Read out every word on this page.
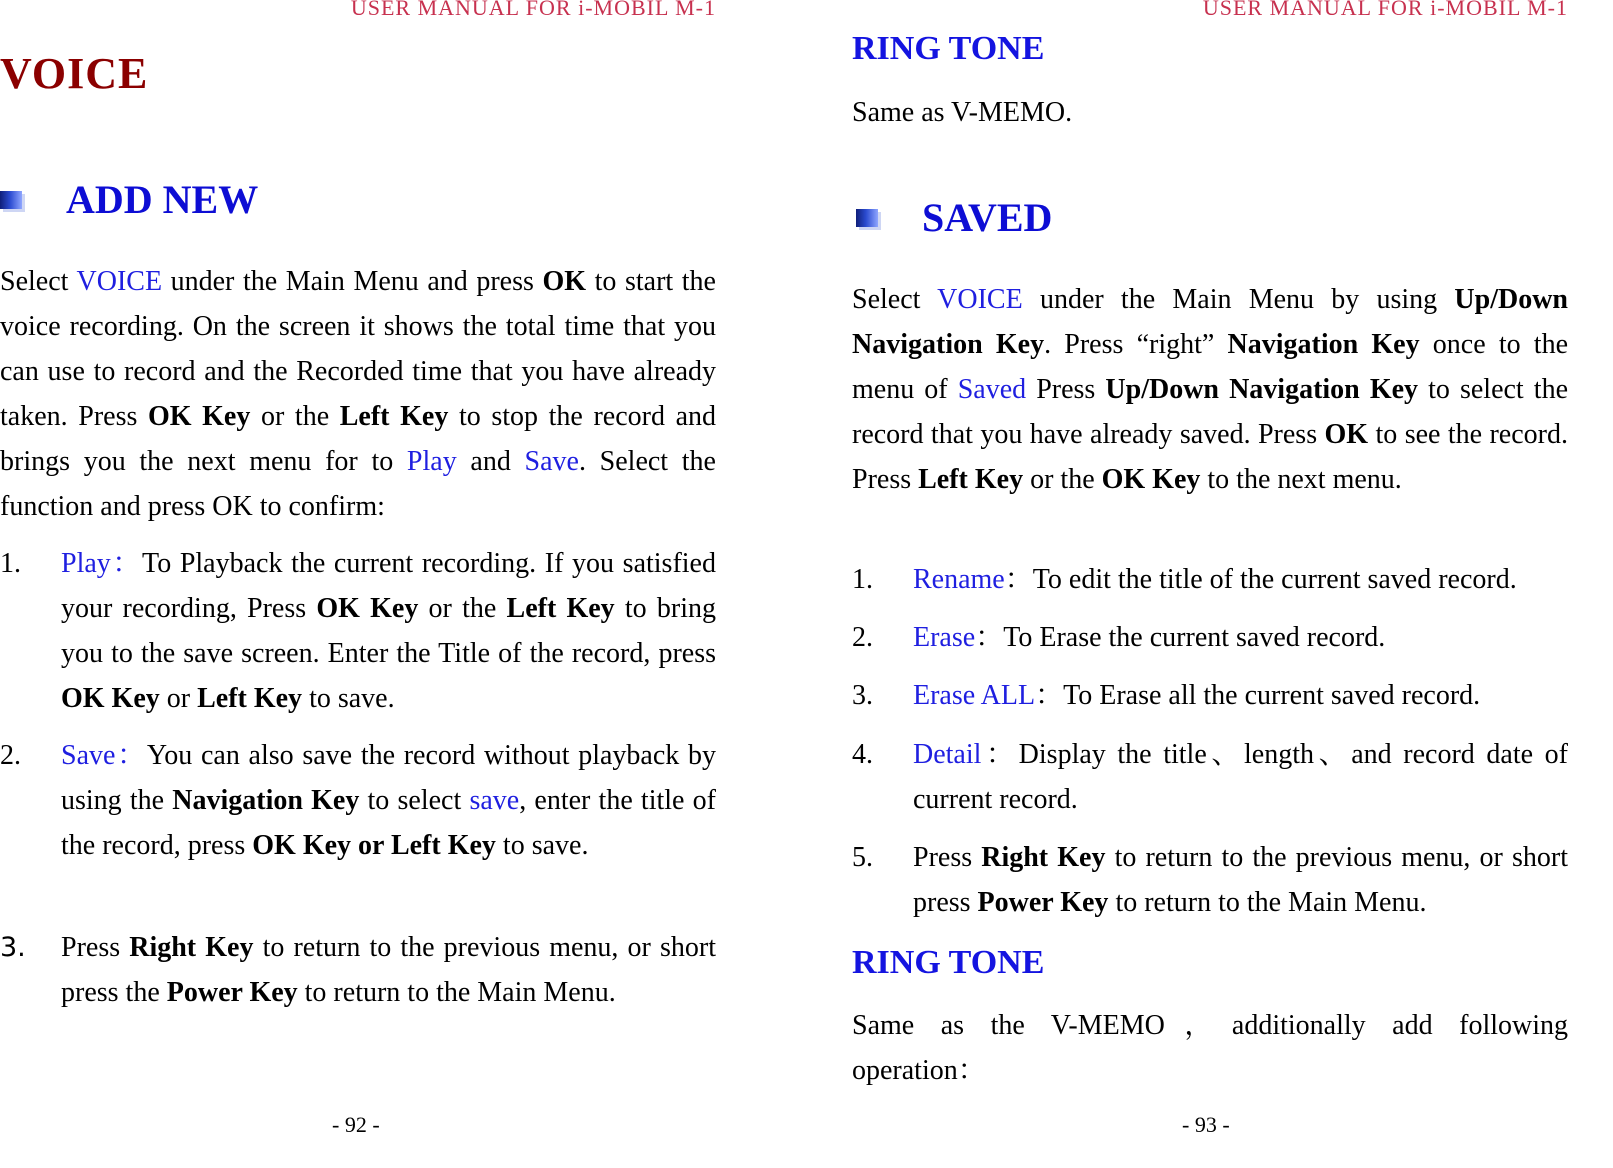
USER MANUAL FOR i-MOBIL M-1
VOICE
ADD NEW
Select VOICE under the Main Menu and press OK to start the voice recording. On the screen it shows the total time that you can use to record and the Recorded time that you have already taken. Press OK Key or the Left Key to stop the record and brings you the next menu for to Play and Save. Select the function and press OK to confirm:
1. Play：To Playback the current recording. If you satisfied your recording, Press OK Key or the Left Key to bring you to the save screen. Enter the Title of the record, press OK Key or Left Key to save.
2. Save：You can also save the record without playback by using the Navigation Key to select save, enter the title of the record, press OK Key or Left Key to save.
3. Press Right Key to return to the previous menu, or short press the Power Key to return to the Main Menu.
- 92 -
USER MANUAL FOR i-MOBIL M-1
RING TONE
Same as V-MEMO.
SAVED
Select VOICE under the Main Menu by using Up/Down Navigation Key. Press “right” Navigation Key once to the menu of Saved Press Up/Down Navigation Key to select the record that you have already saved. Press OK to see the record. Press Left Key or the OK Key to the next menu.
1. Rename：To edit the title of the current saved record.
2. Erase：To Erase the current saved record.
3. Erase ALL：To Erase all the current saved record.
4. Detail：Display the title、length、and record date of current record.
5. Press Right Key to return to the previous menu, or short press Power Key to return to the Main Menu.
RING TONE
Same as the V-MEMO，additionally add following operation：
- 93 -
